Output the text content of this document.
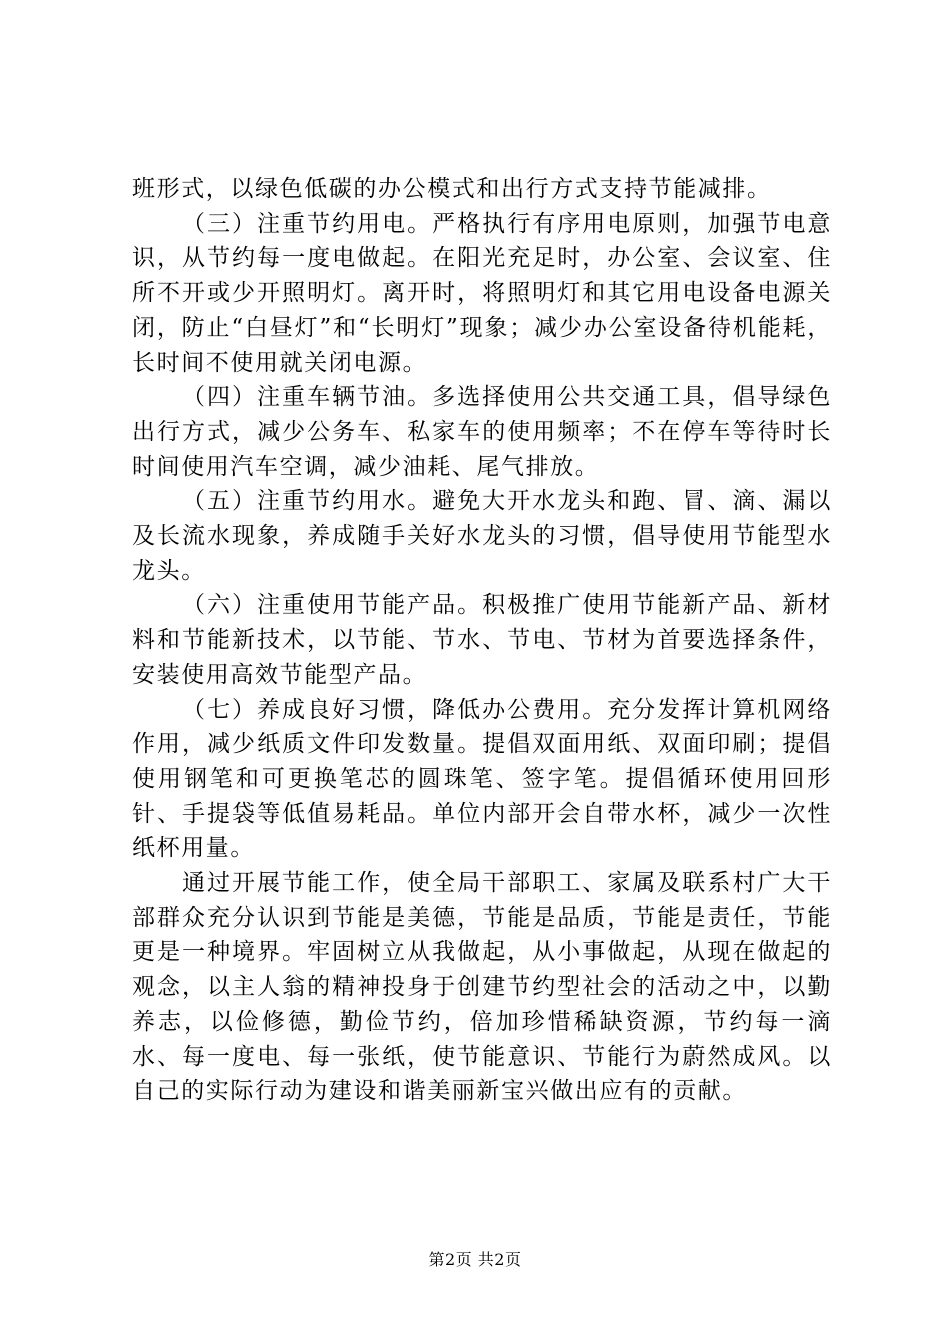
班形式，以绿色低碳的办公模式和出行方式支持节能减排。

（三）注重节约用电。严格执行有序用电原则，加强节电意识，从节约每一度电做起。在阳光充足时，办公室、会议室、住所不开或少开照明灯。离开时，将照明灯和其它用电设备电源关闭，防止“白昼灯”和“长明灯”现象；减少办公室设备待机能耗，长时间不使用就关闭电源。

（四）注重车辆节油。多选择使用公共交通工具，倡导绿色出行方式，减少公务车、私家车的使用频率；不在停车等待时长时间使用汽车空调，减少油耗、尾气排放。

（五）注重节约用水。避免大开水龙头和跑、冒、滴、漏以及长流水现象，养成随手关好水龙头的习惯，倡导使用节能型水龙头。

（六）注重使用节能产品。积极推广使用节能新产品、新材料和节能新技术，以节能、节水、节电、节材为首要选择条件，安装使用高效节能型产品。

（七）养成良好习惯，降低办公费用。充分发挥计算机网络作用，减少纸质文件印发数量。提倡双面用纸、双面印刷；提倡使用钢笔和可更换笔芯的圆珠笔、签字笔。提倡循环使用回形针、手提袋等低值易耗品。单位内部开会自带水杯，减少一次性纸杯用量。

通过开展节能工作，使全局干部职工、家属及联系村广大干部群众充分认识到节能是美德，节能是品质，节能是责任，节能更是一种境界。牢固树立从我做起，从小事做起，从现在做起的观念，以主人翁的精神投身于创建节约型社会的活动之中，以勤养志，以俭修德，勤俭节约，倍加珍惜稀缺资源，节约每一滴水、每一度电、每一张纸，使节能意识、节能行为蔚然成风。以自己的实际行动为建设和谐美丽新宝兴做出应有的贡献。

第2页 共2页
